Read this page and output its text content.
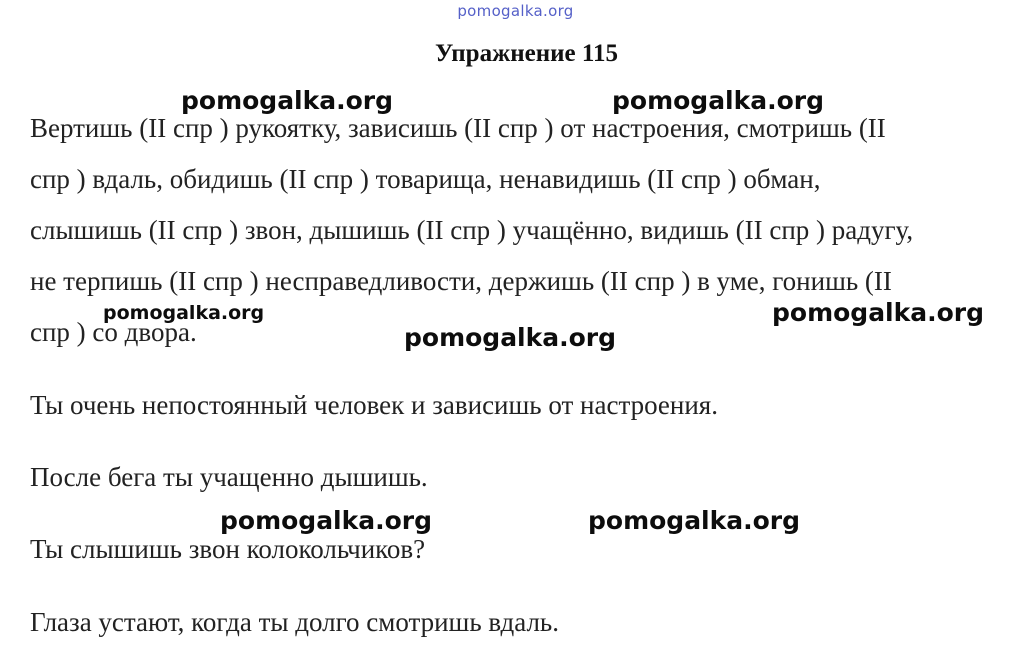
pomogalka.org
Упражнение 115
Вертишь (II спр ) рукоятку, зависишь (II спр ) от настроения, смотришь (II
спр ) вдаль, обидишь (II спр ) товарища, ненавидишь (II спр ) обман,
слышишь (II спр ) звон, дышишь (II спр ) учащённо, видишь (II спр ) радугу,
не терпишь (II спр ) несправедливости, держишь (II спр ) в уме, гонишь (II
спр ) со двора.
Ты очень непостоянный человек и зависишь от настроения.
После бега ты учащенно дышишь.
Ты слышишь звон колокольчиков?
Глаза устают, когда ты долго смотришь вдаль.
pomogalka.org	pomogalka.org
pomogalka.org	pomogalka.org
pomogalka.org
pomogalka.org	pomogalka.org
